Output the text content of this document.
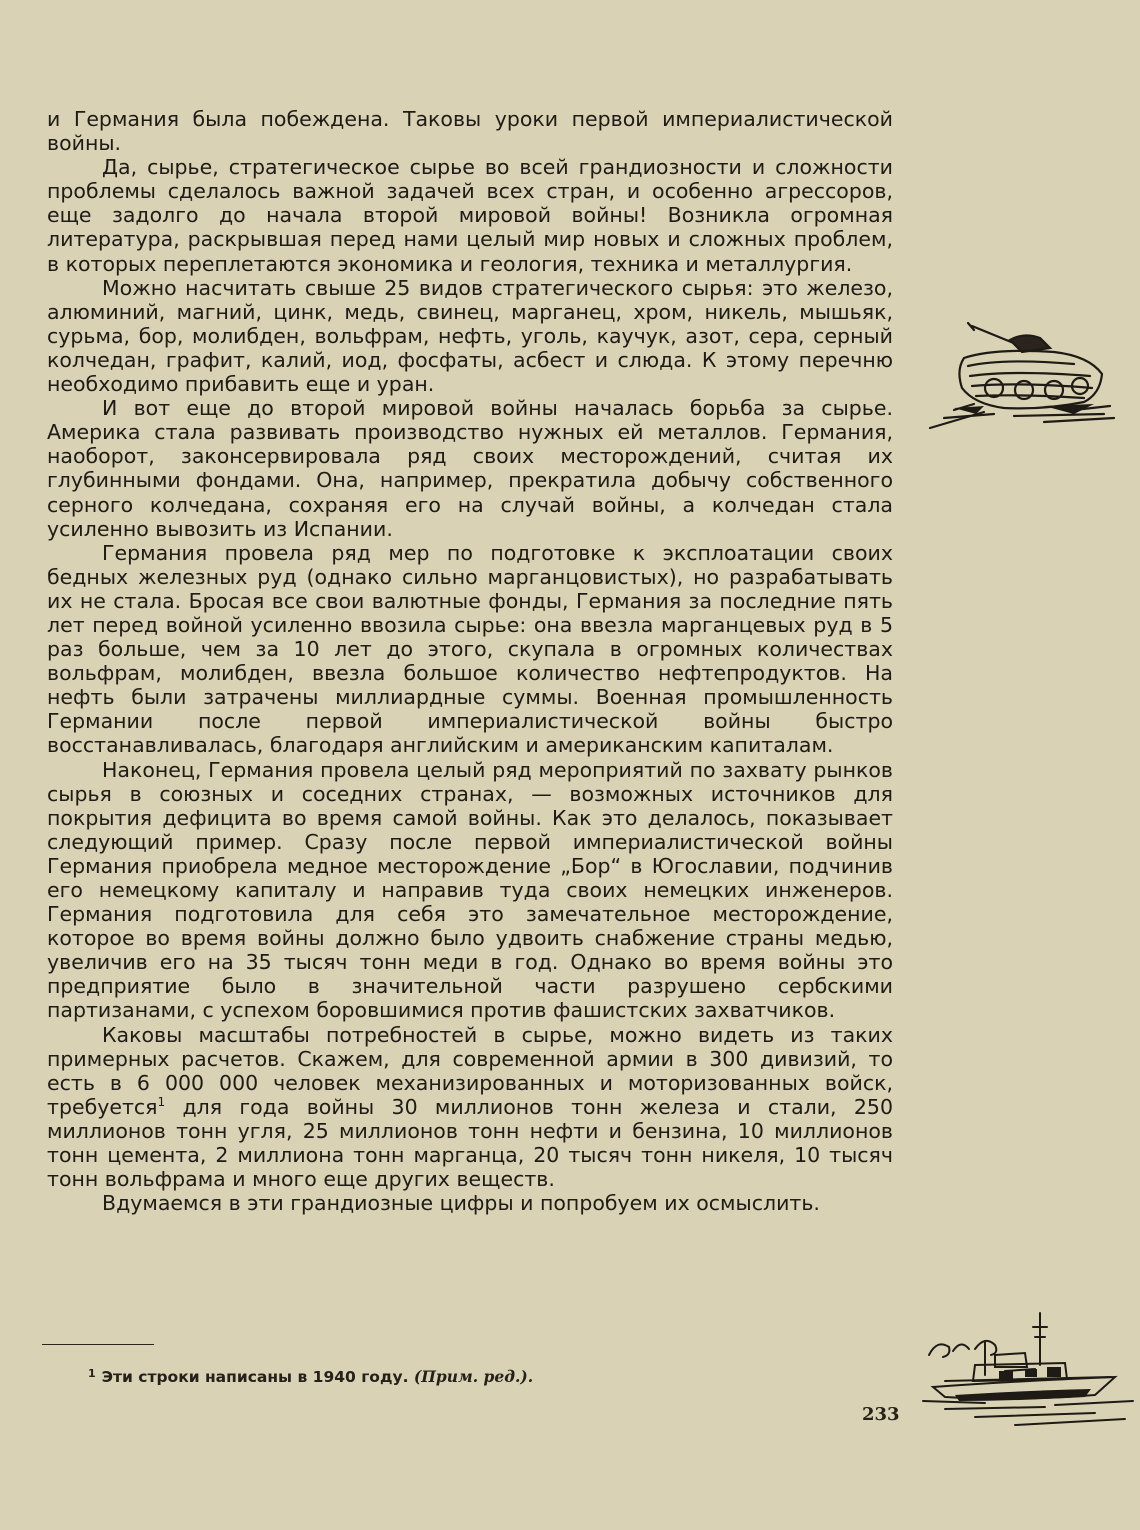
и Германия была побеждена. Таковы уроки первой империалистической войны.

Да, сырье, стратегическое сырье во всей грандиозности и сложности проблемы сделалось важной задачей всех стран, и особенно агрессоров, еще задолго до начала второй мировой войны! Возникла огромная литература, раскрывшая перед нами целый мир новых и сложных проблем, в которых переплетаются экономика и геология, техника и металлургия.

Можно насчитать свыше 25 видов стратегического сырья: это железо, алюминий, магний, цинк, медь, свинец, марганец, хром, никель, мышьяк, сурьма, бор, молибден, вольфрам, нефть, уголь, каучук, азот, сера, серный колчедан, графит, калий, иод, фосфаты, асбест и слюда. К этому перечню необходимо прибавить еще и уран.

И вот еще до второй мировой войны началась борьба за сырье. Америка стала развивать производство нужных ей металлов. Германия, наоборот, законсервировала ряд своих месторождений, считая их глубинными фондами. Она, например, прекратила добычу собственного серного колчедана, сохраняя его на случай войны, а колчедан стала усиленно вывозить из Испании.

Германия провела ряд мер по подготовке к эксплоатации своих бедных железных руд (однако сильно марганцовистых), но разрабатывать их не стала. Бросая все свои валютные фонды, Германия за последние пять лет перед войной усиленно ввозила сырье: она ввезла марганцевых руд в 5 раз больше, чем за 10 лет до этого, скупала в огромных количествах вольфрам, молибден, ввезла большое количество нефтепродуктов. На нефть были затрачены миллиардные суммы. Военная промышленность Германии после первой империалистической войны быстро восстанавливалась, благодаря английским и американским капиталам.

Наконец, Германия провела целый ряд мероприятий по захвату рынков сырья в союзных и соседних странах, — возможных источников для покрытия дефицита во время самой войны. Как это делалось, показывает следующий пример. Сразу после первой империалистической войны Германия приобрела медное месторождение „Бор“ в Югославии, подчинив его немецкому капиталу и направив туда своих немецких инженеров. Германия подготовила для себя это замечательное месторождение, которое во время войны должно было удвоить снабжение страны медью, увеличив его на 35 тысяч тонн меди в год. Однако во время войны это предприятие было в значительной части разрушено сербскими партизанами, с успехом боровшимися против фашистских захватчиков.

Каковы масштабы потребностей в сырье, можно видеть из таких примерных расчетов. Скажем, для современной армии в 300 дивизий, то есть в 6 000 000 человек механизированных и моторизованных войск, требуется$^1$ для года войны 30 миллионов тонн железа и стали, 250 миллионов тонн угля, 25 миллионов тонн нефти и бензина, 10 миллионов тонн цемента, 2 миллиона тонн марганца, 20 тысяч тонн никеля, 10 тысяч тонн вольфрама и много еще других веществ.

Вдумаемся в эти грандиозные цифры и попробуем их осмыслить.

$^1$ Эти строки написаны в 1940 году. (Прим. ред.).
233
